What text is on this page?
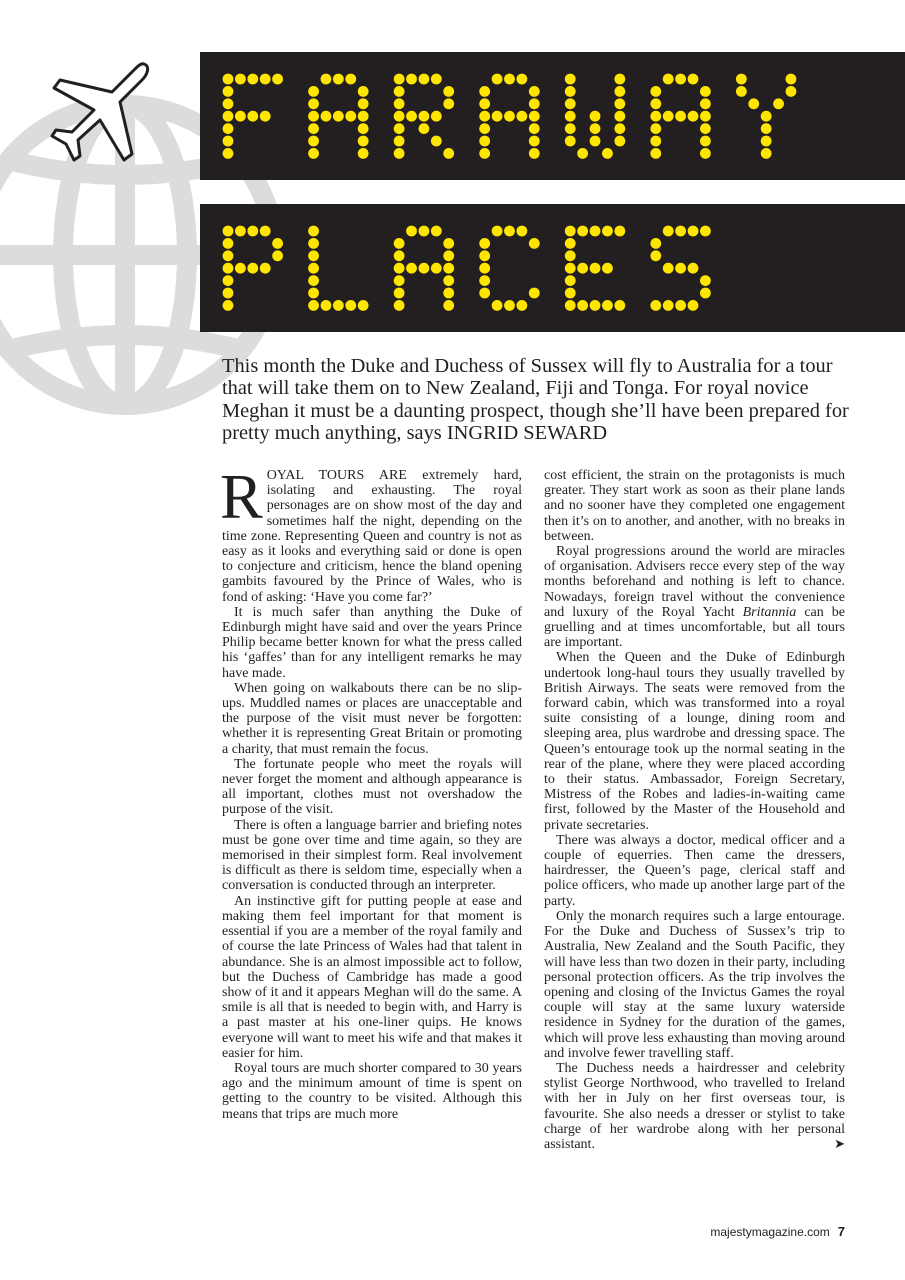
This month the Duke and Duchess of Sussex will fly to Australia for a tour that will take them on to New Zealand, Fiji and Tonga. For royal novice Meghan it must be a daunting prospect, though she’ll have been prepared for pretty much anything, says INGRID SEWARD

ROYAL TOURS ARE extremely hard, isolating and exhausting. The royal personages are on show most of the day and sometimes half the night, depending on the time zone. Representing Queen and country is not as easy as it looks and everything said or done is open to conjecture and criticism, hence the bland opening gambits favoured by the Prince of Wales, who is fond of asking: ‘Have you come far?’

It is much safer than anything the Duke of Edinburgh might have said and over the years Prince Philip became better known for what the press called his ‘gaffes’ than for any intelligent remarks he may have made.

When going on walkabouts there can be no slip-ups. Muddled names or places are unacceptable and the purpose of the visit must never be forgotten: whether it is representing Great Britain or promoting a charity, that must remain the focus.

The fortunate people who meet the royals will never forget the moment and although appearance is all important, clothes must not overshadow the purpose of the visit.

There is often a language barrier and briefing notes must be gone over time and time again, so they are memorised in their simplest form. Real involvement is difficult as there is seldom time, especially when a conversation is conducted through an interpreter.

An instinctive gift for putting people at ease and making them feel important for that moment is essential if you are a member of the royal family and of course the late Princess of Wales had that talent in abundance. She is an almost impossible act to follow, but the Duchess of Cambridge has made a good show of it and it appears Meghan will do the same. A smile is all that is needed to begin with, and Harry is a past master at his one-liner quips. He knows everyone will want to meet his wife and that makes it easier for him.

Royal tours are much shorter compared to 30 years ago and the minimum amount of time is spent on getting to the country to be visited. Although this means that trips are much more

cost efficient, the strain on the protagonists is much greater. They start work as soon as their plane lands and no sooner have they completed one engagement then it’s on to another, and another, with no breaks in between.

Royal progressions around the world are miracles of organisation. Advisers recce every step of the way months beforehand and nothing is left to chance. Nowadays, foreign travel without the convenience and luxury of the Royal Yacht Britannia can be gruelling and at times uncomfortable, but all tours are important.

When the Queen and the Duke of Edinburgh undertook long-haul tours they usually travelled by British Airways. The seats were removed from the forward cabin, which was transformed into a royal suite consisting of a lounge, dining room and sleeping area, plus wardrobe and dressing space. The Queen’s entourage took up the normal seating in the rear of the plane, where they were placed according to their status. Ambassador, Foreign Secretary, Mistress of the Robes and ladies-in-waiting came first, followed by the Master of the Household and private secretaries.

There was always a doctor, medical officer and a couple of equerries. Then came the dressers, hairdresser, the Queen’s page, clerical staff and police officers, who made up another large part of the party.

Only the monarch requires such a large entourage. For the Duke and Duchess of Sussex’s trip to Australia, New Zealand and the South Pacific, they will have less than two dozen in their party, including personal protection officers. As the trip involves the opening and closing of the Invictus Games the royal couple will stay at the same luxury waterside residence in Sydney for the duration of the games, which will prove less exhausting than moving around and involve fewer travelling staff.

The Duchess needs a hairdresser and celebrity stylist George Northwood, who travelled to Ireland with her in July on her first overseas tour, is favourite. She also needs a dresser or stylist to take charge of her wardrobe along with her personal assistant.	➤

majestymagazine.com 7
